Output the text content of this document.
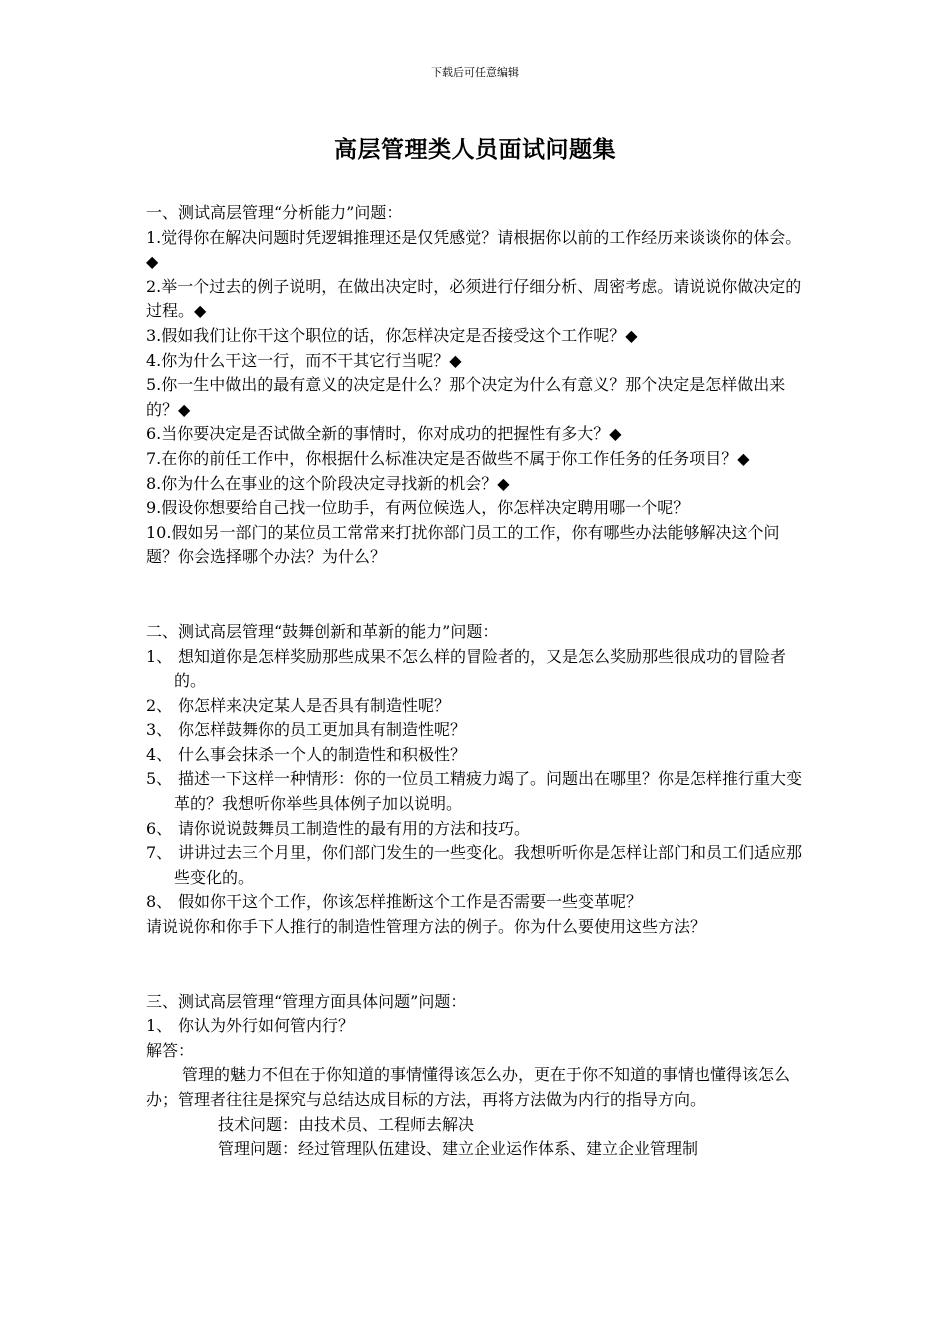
下载后可任意编辑
高层管理类人员面试问题集

一、测试高层管理“分析能力”问题：

1.觉得你在解决问题时凭逻辑推理还是仅凭感觉？请根据你以前的工作经历来谈谈你的体会。◆

2.举一个过去的例子说明，在做出决定时，必须进行仔细分析、周密考虑。请说说你做决定的过程。◆

3.假如我们让你干这个职位的话，你怎样决定是否接受这个工作呢？◆

4.你为什么干这一行，而不干其它行当呢？◆

5.你一生中做出的最有意义的决定是什么？那个决定为什么有意义？那个决定是怎样做出来的？◆

6.当你要决定是否试做全新的事情时，你对成功的把握性有多大？◆

7.在你的前任工作中，你根据什么标准决定是否做些不属于你工作任务的任务项目？◆

8.你为什么在事业的这个阶段决定寻找新的机会？◆

9.假设你想要给自己找一位助手，有两位候选人，你怎样决定聘用哪一个呢？

10.假如另一部门的某位员工常常来打扰你部门员工的工作，你有哪些办法能够解决这个问题？你会选择哪个办法？为什么？

二、测试高层管理“鼓舞创新和革新的能力”问题：

1、 想知道你是怎样奖励那些成果不怎么样的冒险者的，又是怎么奖励那些很成功的冒险者的。

2、 你怎样来决定某人是否具有制造性呢？

3、 你怎样鼓舞你的员工更加具有制造性呢？

4、 什么事会抹杀一个人的制造性和积极性？

5、 描述一下这样一种情形：你的一位员工精疲力竭了。问题出在哪里？你是怎样推行重大变革的？我想听你举些具体例子加以说明。

6、 请你说说鼓舞员工制造性的最有用的方法和技巧。

7、 讲讲过去三个月里，你们部门发生的一些变化。我想听听你是怎样让部门和员工们适应那些变化的。

8、 假如你干这个工作，你该怎样推断这个工作是否需要一些变革呢？

请说说你和你手下人推行的制造性管理方法的例子。你为什么要使用这些方法？

三、测试高层管理“管理方面具体问题”问题：

1、 你认为外行如何管内行？

解答：

管理的魅力不但在于你知道的事情懂得该怎么办，更在于你不知道的事情也懂得该怎么办；管理者往往是探究与总结达成目标的方法，再将方法做为内行的指导方向。

技术问题：由技术员、工程师去解决

管理问题：经过管理队伍建设、建立企业运作体系、建立企业管理制
